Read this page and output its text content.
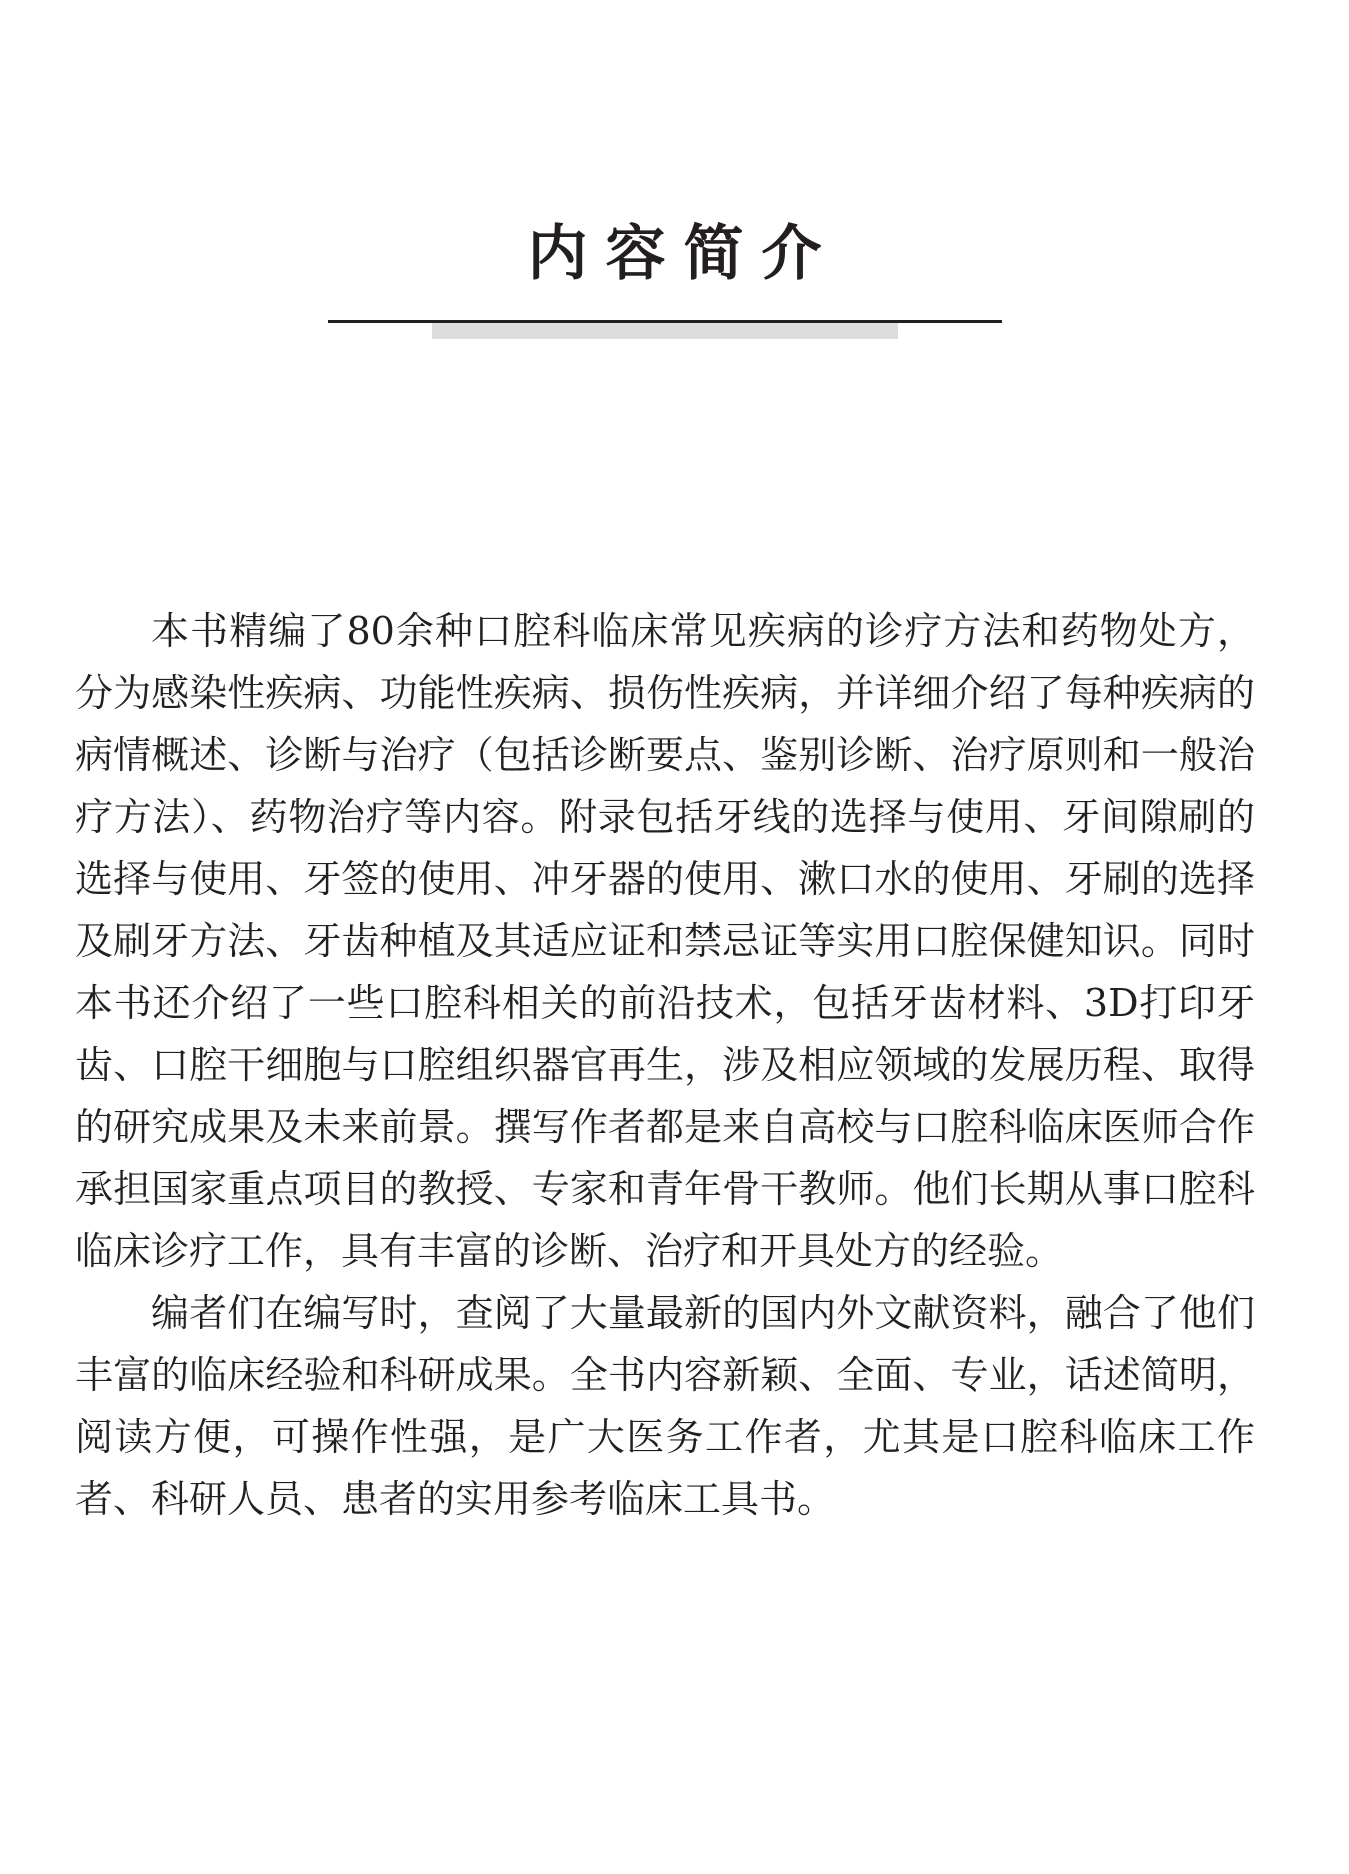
内容简介

本书精编了80余种口腔科临床常见疾病的诊疗方法和药物处方，分为感染性疾病、功能性疾病、损伤性疾病，并详细介绍了每种疾病的病情概述、诊断与治疗（包括诊断要点、鉴别诊断、治疗原则和一般治疗方法）、药物治疗等内容。附录包括牙线的选择与使用、牙间隙刷的选择与使用、牙签的使用、冲牙器的使用、漱口水的使用、牙刷的选择及刷牙方法、牙齿种植及其适应证和禁忌证等实用口腔保健知识。同时本书还介绍了一些口腔科相关的前沿技术，包括牙齿材料、3D打印牙齿、口腔干细胞与口腔组织器官再生，涉及相应领域的发展历程、取得的研究成果及未来前景。撰写作者都是来自高校与口腔科临床医师合作承担国家重点项目的教授、专家和青年骨干教师。他们长期从事口腔科临床诊疗工作，具有丰富的诊断、治疗和开具处方的经验。

编者们在编写时，查阅了大量最新的国内外文献资料，融合了他们丰富的临床经验和科研成果。全书内容新颖、全面、专业，话述简明，阅读方便，可操作性强，是广大医务工作者，尤其是口腔科临床工作者、科研人员、患者的实用参考临床工具书。
